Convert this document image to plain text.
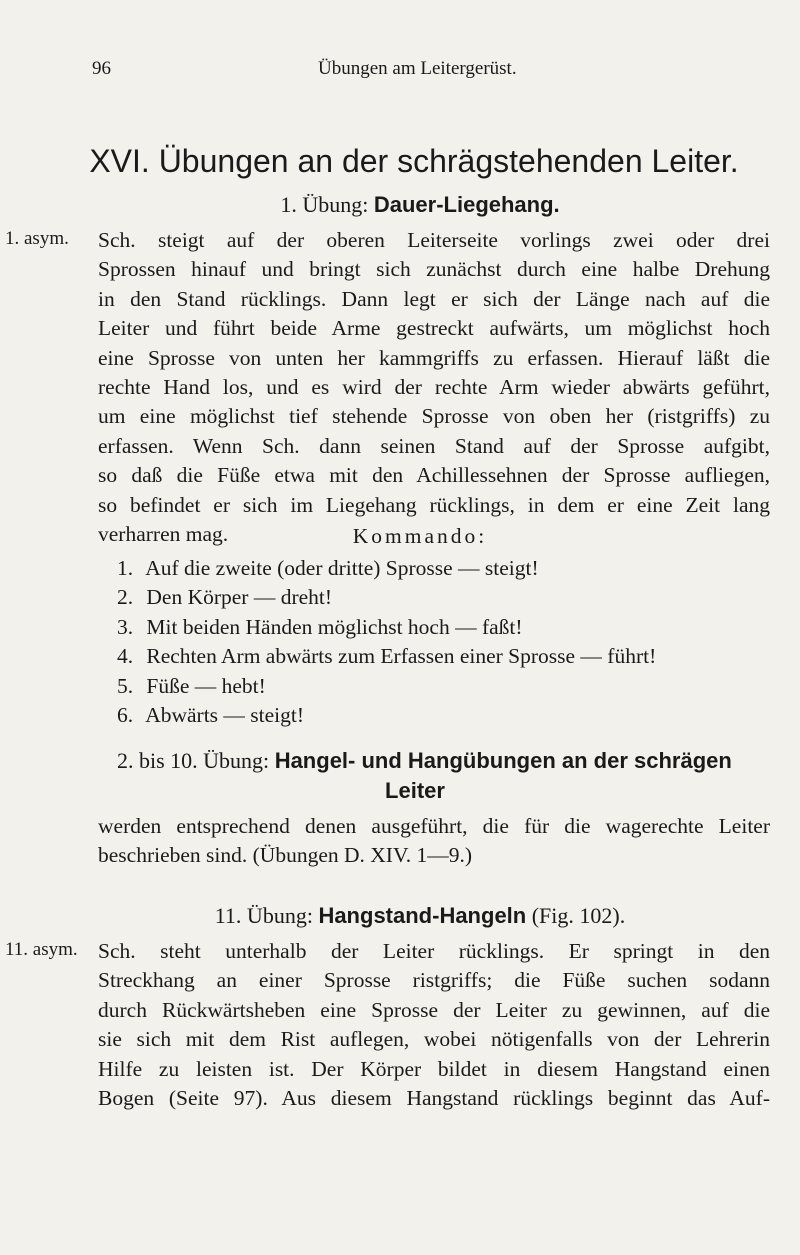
96	Übungen am Leitergerüst.
XVI. Übungen an der schrägstehenden Leiter.
1. Übung: Dauer-Liegehang.
1. asym. Sch. steigt auf der oberen Leiterseite vorlings zwei oder drei
Sprossen hinauf und bringt sich zunächst durch eine halbe Drehung
in den Stand rücklings. Dann legt er sich der Länge nach auf die
Leiter und führt beide Arme gestreckt aufwärts, um möglichst hoch
eine Sprosse von unten her kammgriffs zu erfassen. Hierauf läßt die
rechte Hand los, und es wird der rechte Arm wieder abwärts geführt,
um eine möglichst tief stehende Sprosse von oben her (ristgriffs) zu
erfassen. Wenn Sch. dann seinen Stand auf der Sprosse aufgibt,
so daß die Füße etwa mit den Achillessehnen der Sprosse aufliegen,
so befindet er sich im Liegehang rücklings, in dem er eine Zeit lang
verharren mag.	Kommando:
1. Auf die zweite (oder dritte) Sprosse — steigt!
2. Den Körper — dreht!
3. Mit beiden Händen möglichst hoch — faßt!
4. Rechten Arm abwärts zum Erfassen einer Sprosse — führt!
5. Füße — hebt!
6. Abwärts — steigt!
2. bis 10. Übung: Hangel- und Hangübungen an der schrägen
Leiter
werden entsprechend denen ausgeführt, die für die wagerechte Leiter
beschrieben sind. (Übungen D. XIV. 1—9.)
11. Übung: Hangstand-Hangeln (Fig. 102).
11. asym. Sch. steht unterhalb der Leiter rücklings. Er springt in den
Streckhang an einer Sprosse ristgriffs; die Füße suchen sodann
durch Rückwärtsheben eine Sprosse der Leiter zu gewinnen, auf die
sie sich mit dem Rist auflegen, wobei nötigenfalls von der Lehrerin
Hilfe zu leisten ist. Der Körper bildet in diesem Hangstand einen
Bogen (Seite 97). Aus diesem Hangstand rücklings beginnt das Auf-
